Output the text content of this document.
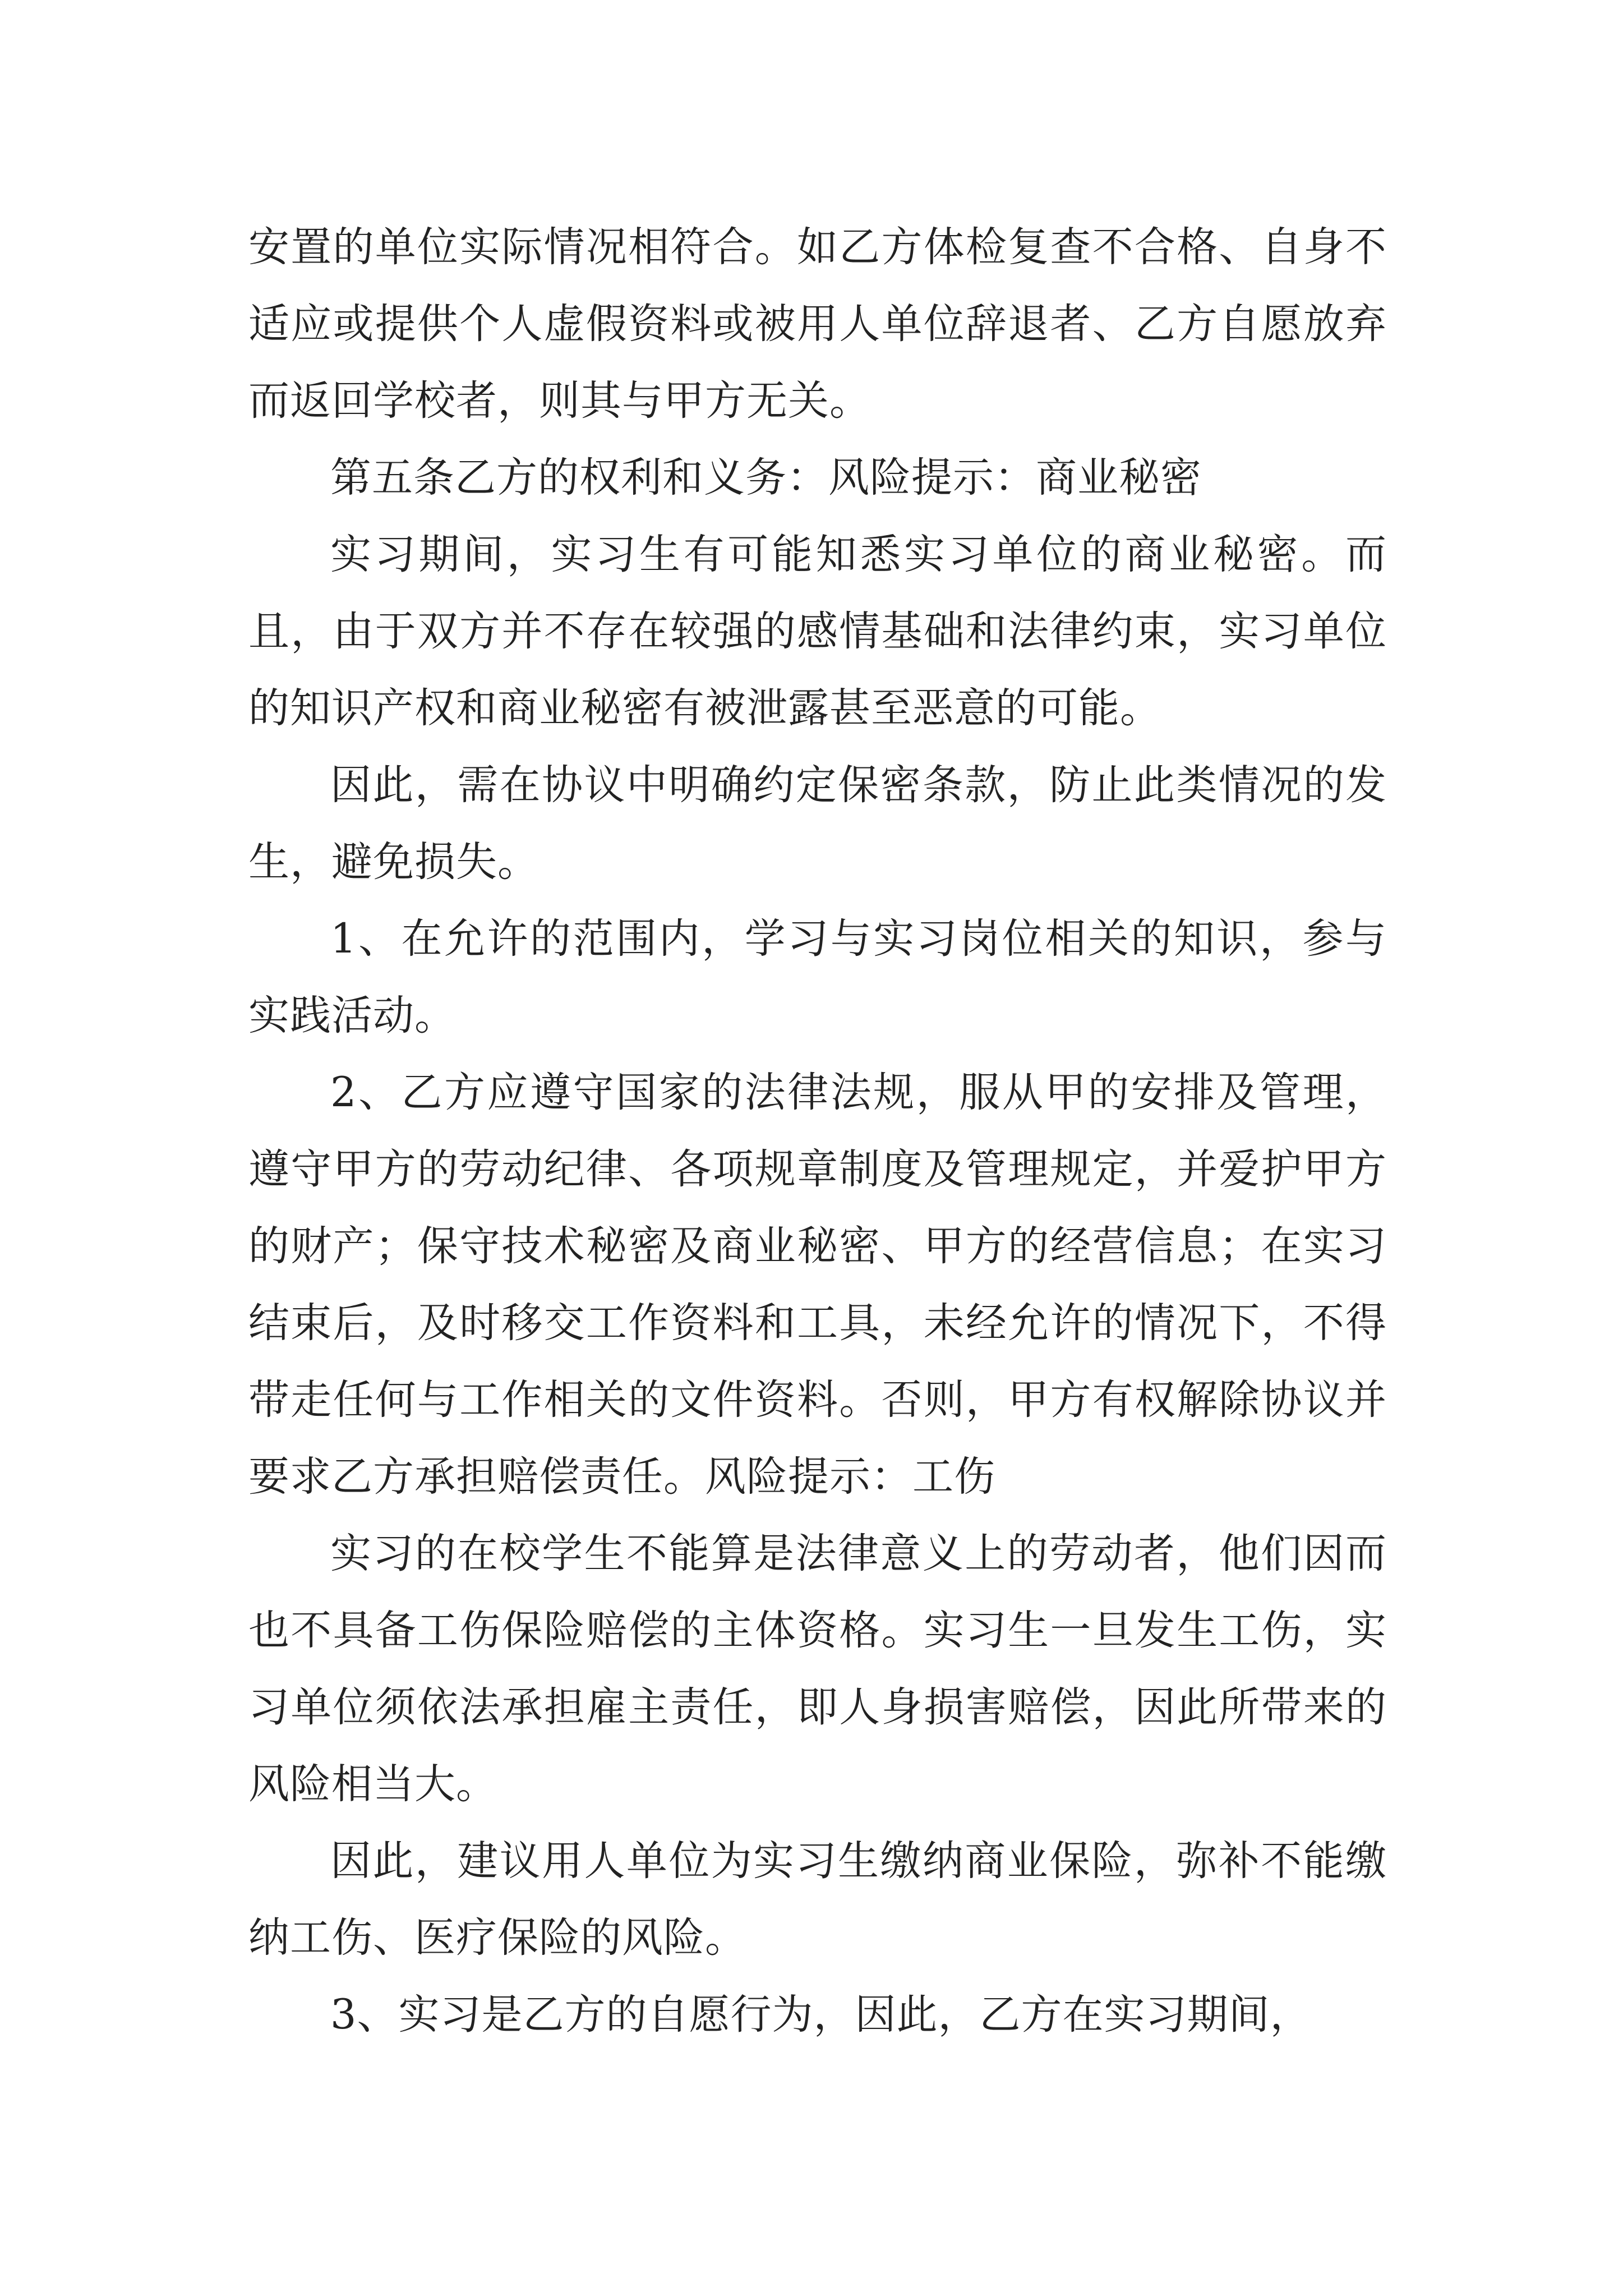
安置的单位实际情况相符合。如乙方体检复查不合格、自身不适应或提供个人虚假资料或被用人单位辞退者、乙方自愿放弃而返回学校者，则其与甲方无关。

第五条乙方的权利和义务：风险提示：商业秘密

实习期间，实习生有可能知悉实习单位的商业秘密。而且，由于双方并不存在较强的感情基础和法律约束，实习单位的知识产权和商业秘密有被泄露甚至恶意的可能。

因此，需在协议中明确约定保密条款，防止此类情况的发生，避免损失。

1、在允许的范围内，学习与实习岗位相关的知识，参与实践活动。

2、乙方应遵守国家的法律法规，服从甲的安排及管理，遵守甲方的劳动纪律、各项规章制度及管理规定，并爱护甲方的财产；保守技术秘密及商业秘密、甲方的经营信息；在实习结束后，及时移交工作资料和工具，未经允许的情况下，不得带走任何与工作相关的文件资料。否则，甲方有权解除协议并要求乙方承担赔偿责任。风险提示：工伤

实习的在校学生不能算是法律意义上的劳动者，他们因而也不具备工伤保险赔偿的主体资格。实习生一旦发生工伤，实习单位须依法承担雇主责任，即人身损害赔偿，因此所带来的风险相当大。

因此，建议用人单位为实习生缴纳商业保险，弥补不能缴纳工伤、医疗保险的风险。

3、实习是乙方的自愿行为，因此，乙方在实习期间，
